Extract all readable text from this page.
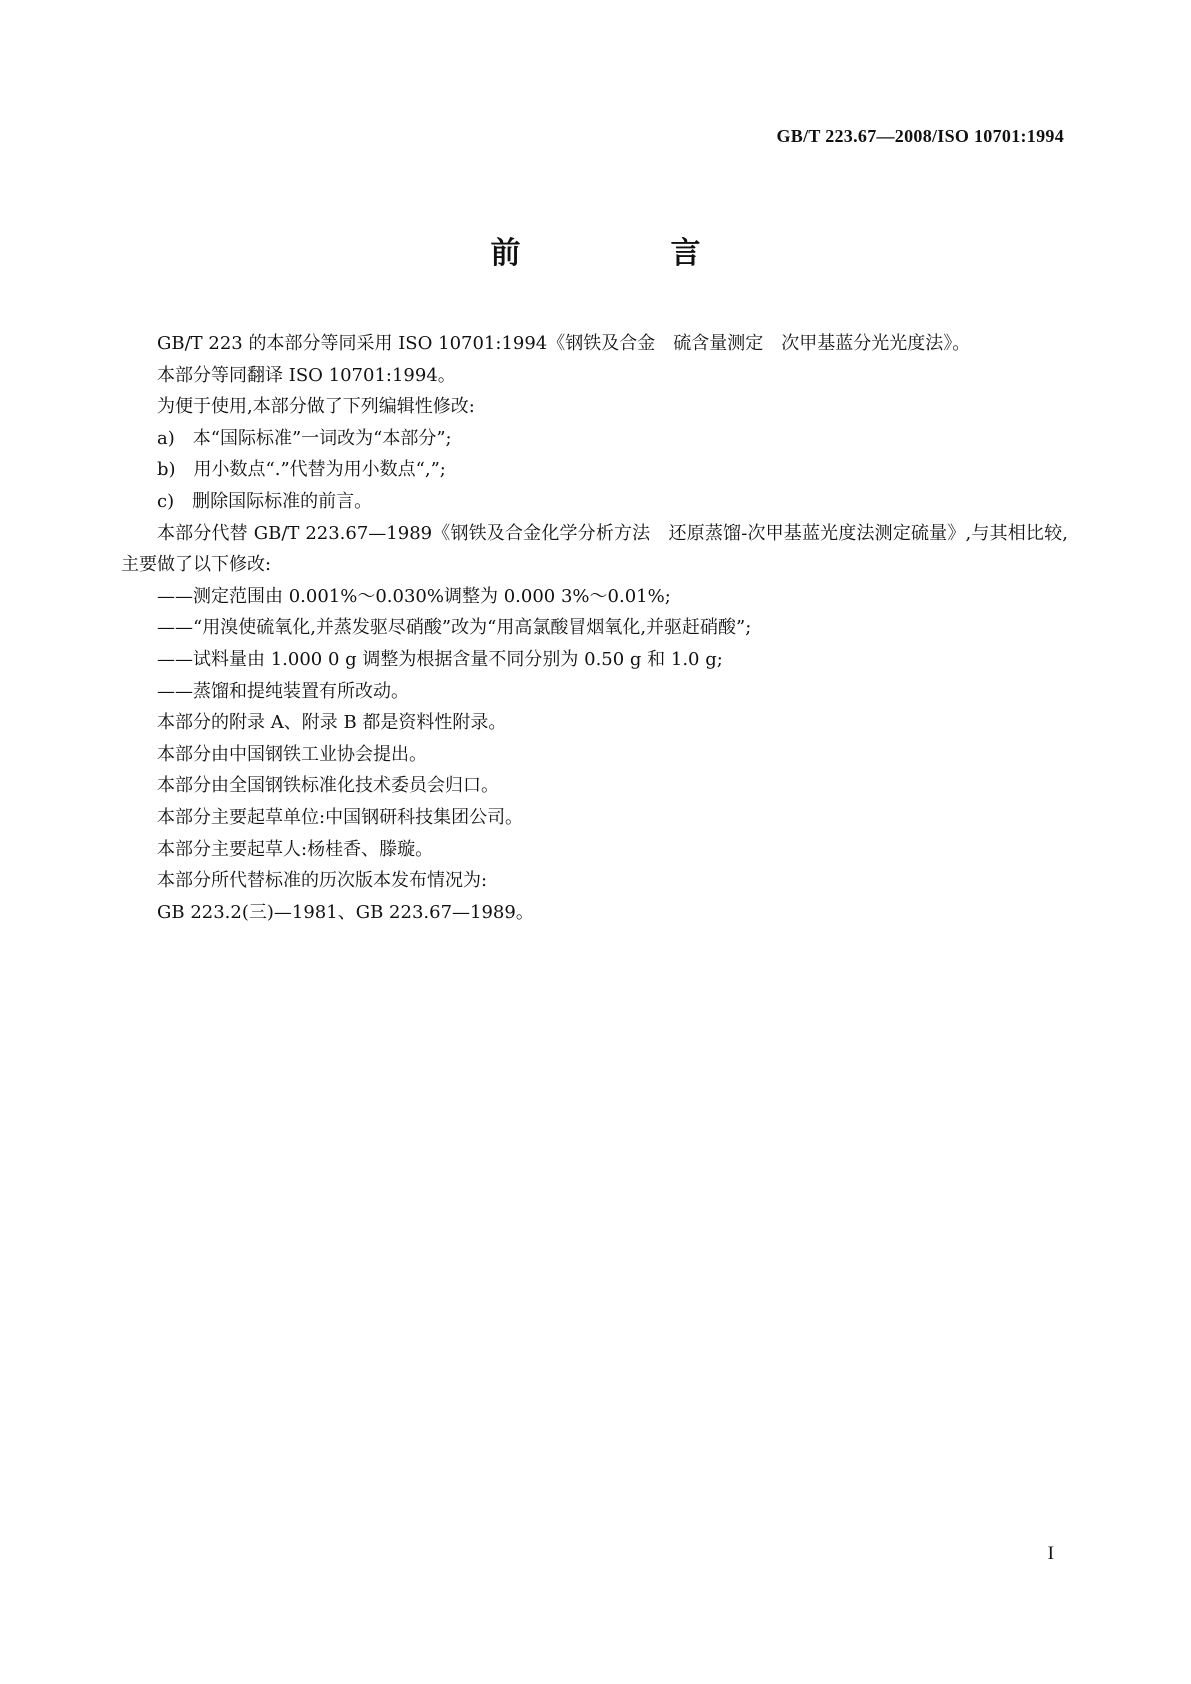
GB/T 223.67—2008/ISO 10701:1994
前　言

GB/T 223 的本部分等同采用 ISO 10701:1994《钢铁及合金　硫含量测定　次甲基蓝分光光度法》。

本部分等同翻译 ISO 10701:1994。

为便于使用,本部分做了下列编辑性修改:

a)　本“国际标准”一词改为“本部分”;

b)　用小数点“.”代替为用小数点“,”;

c)　删除国际标准的前言。

本部分代替 GB/T 223.67—1989《钢铁及合金化学分析方法　还原蒸馏-次甲基蓝光度法测定硫量》,与其相比较,主要做了以下修改:

——测定范围由 0.001%～0.030%调整为 0.000 3%～0.01%;

——“用溴使硫氧化,并蒸发驱尽硝酸”改为“用高氯酸冒烟氧化,并驱赶硝酸”;

——试料量由 1.000 0 g 调整为根据含量不同分别为 0.50 g 和 1.0 g;

——蒸馏和提纯装置有所改动。

本部分的附录 A、附录 B 都是资料性附录。

本部分由中国钢铁工业协会提出。

本部分由全国钢铁标准化技术委员会归口。

本部分主要起草单位:中国钢研科技集团公司。

本部分主要起草人:杨桂香、滕璇。

本部分所代替标准的历次版本发布情况为:

GB 223.2(三)—1981、GB 223.67—1989。

I
